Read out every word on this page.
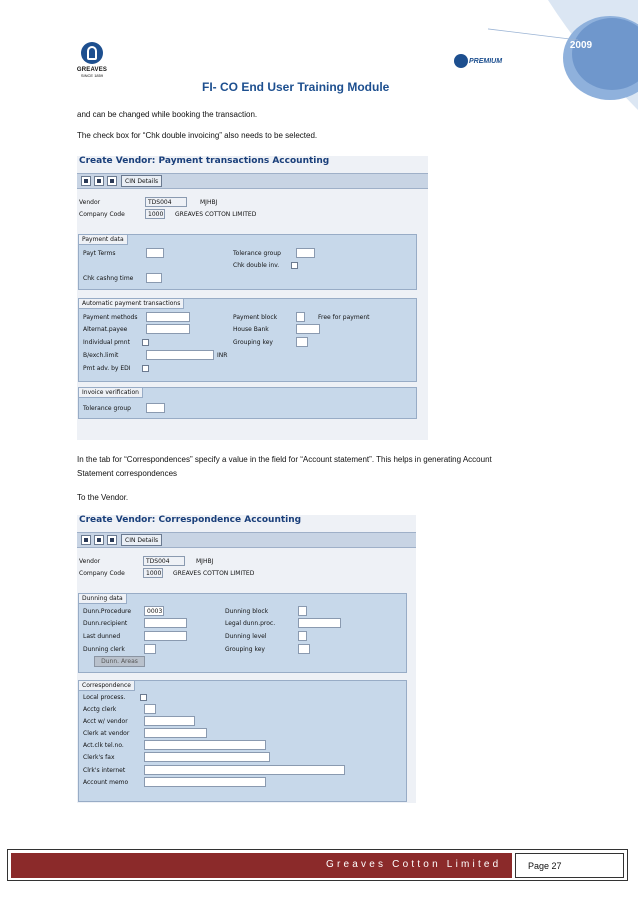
2009
GREAVES
SINCE 1859
PREMIUM
FI- CO End User Training Module
and can be changed while booking the transaction.
The check box for “Chk double invoicing” also needs to be selected.
Create Vendor: Payment transactions Accounting
CIN Details
Vendor	TDS004	MJHBJ
Company Code	1000 GREAVES COTTON LIMITED
Payment data
Payt Terms	Tolerance group
Chk double inv.
Chk cashng time
Automatic payment transactions
Payment methods	Payment block	Free for payment
Alternat.payee	House Bank
Individual pmnt	Grouping key
B/exch.limit	INR
Pmt adv. by EDI
Invoice verification
Tolerance group
In the tab for “Correspondences” specify a value in the field for “Account statement”. This helps in generating Account
Statement correspondences
To the Vendor.
Create Vendor: Correspondence Accounting
CIN Details
Vendor	TDS004	MJHBJ
Company Code	1000 GREAVES COTTON LIMITED
Dunning data
Dunn.Procedure	0003	Dunning block
Dunn.recipient	Legal dunn.proc.
Last dunned	Dunning level
Dunning clerk	Grouping key
Dunn. Areas
Correspondence
Local process.
Acctg clerk
Acct w/ vendor
Clerk at vendor
Act.clk tel.no.
Clerk's fax
Clrk's internet
Account memo
Greaves Cotton Limited	Page 27
